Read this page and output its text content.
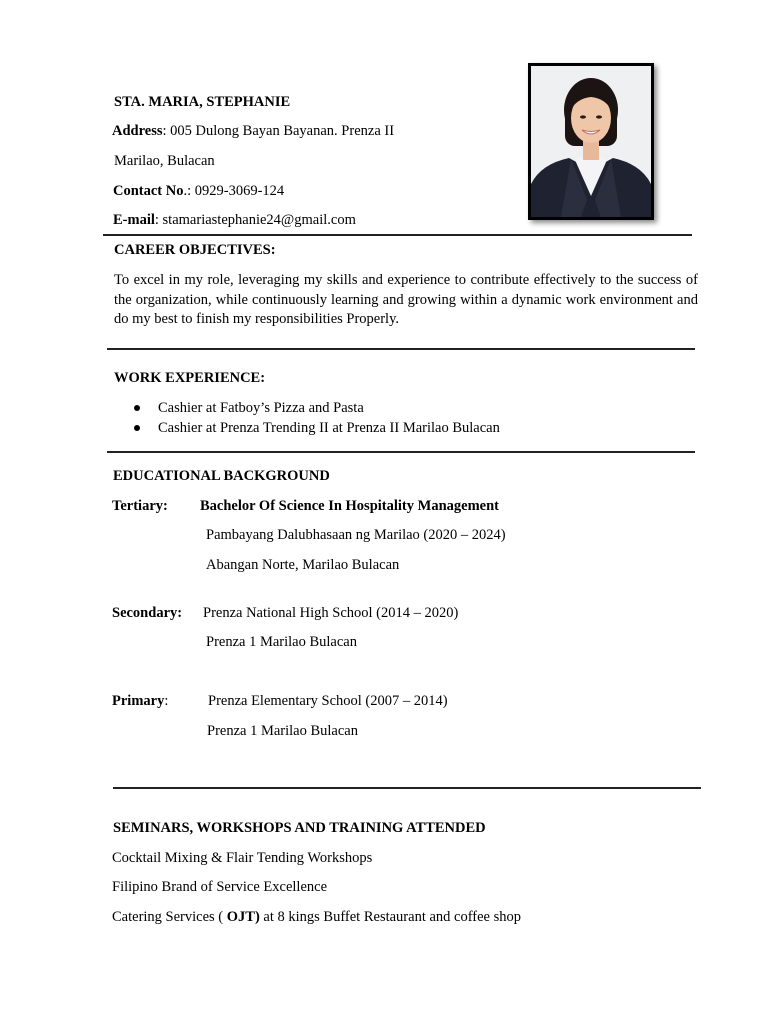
STA. MARIA, STEPHANIE
Address: 005 Dulong Bayan Bayanan. Prenza II
Marilao, Bulacan
Contact No.: 0929-3069-124
E-mail: stamariastephanie24@gmail.com
CAREER OBJECTIVES:
To excel in my role, leveraging my skills and experience to contribute effectively to the success of the organization, while continuously learning and growing within a dynamic work environment and do my best to finish my responsibilities Properly.
WORK EXPERIENCE:
Cashier at Fatboy’s Pizza and Pasta
Cashier at Prenza Trending II at Prenza II Marilao Bulacan
EDUCATIONAL BACKGROUND
Tertiary: Bachelor Of Science In Hospitality Management
Pambayang Dalubhasaan ng Marilao (2020 – 2024)
Abangan Norte, Marilao Bulacan
Secondary: Prenza National High School (2014 – 2020)
Prenza 1 Marilao Bulacan
Primary:	Prenza Elementary School (2007 – 2014)
Prenza 1 Marilao Bulacan
SEMINARS, WORKSHOPS AND TRAINING ATTENDED
Cocktail Mixing & Flair Tending Workshops
Filipino Brand of Service Excellence
Catering Services ( OJT) at 8 kings Buffet Restaurant and coffee shop
